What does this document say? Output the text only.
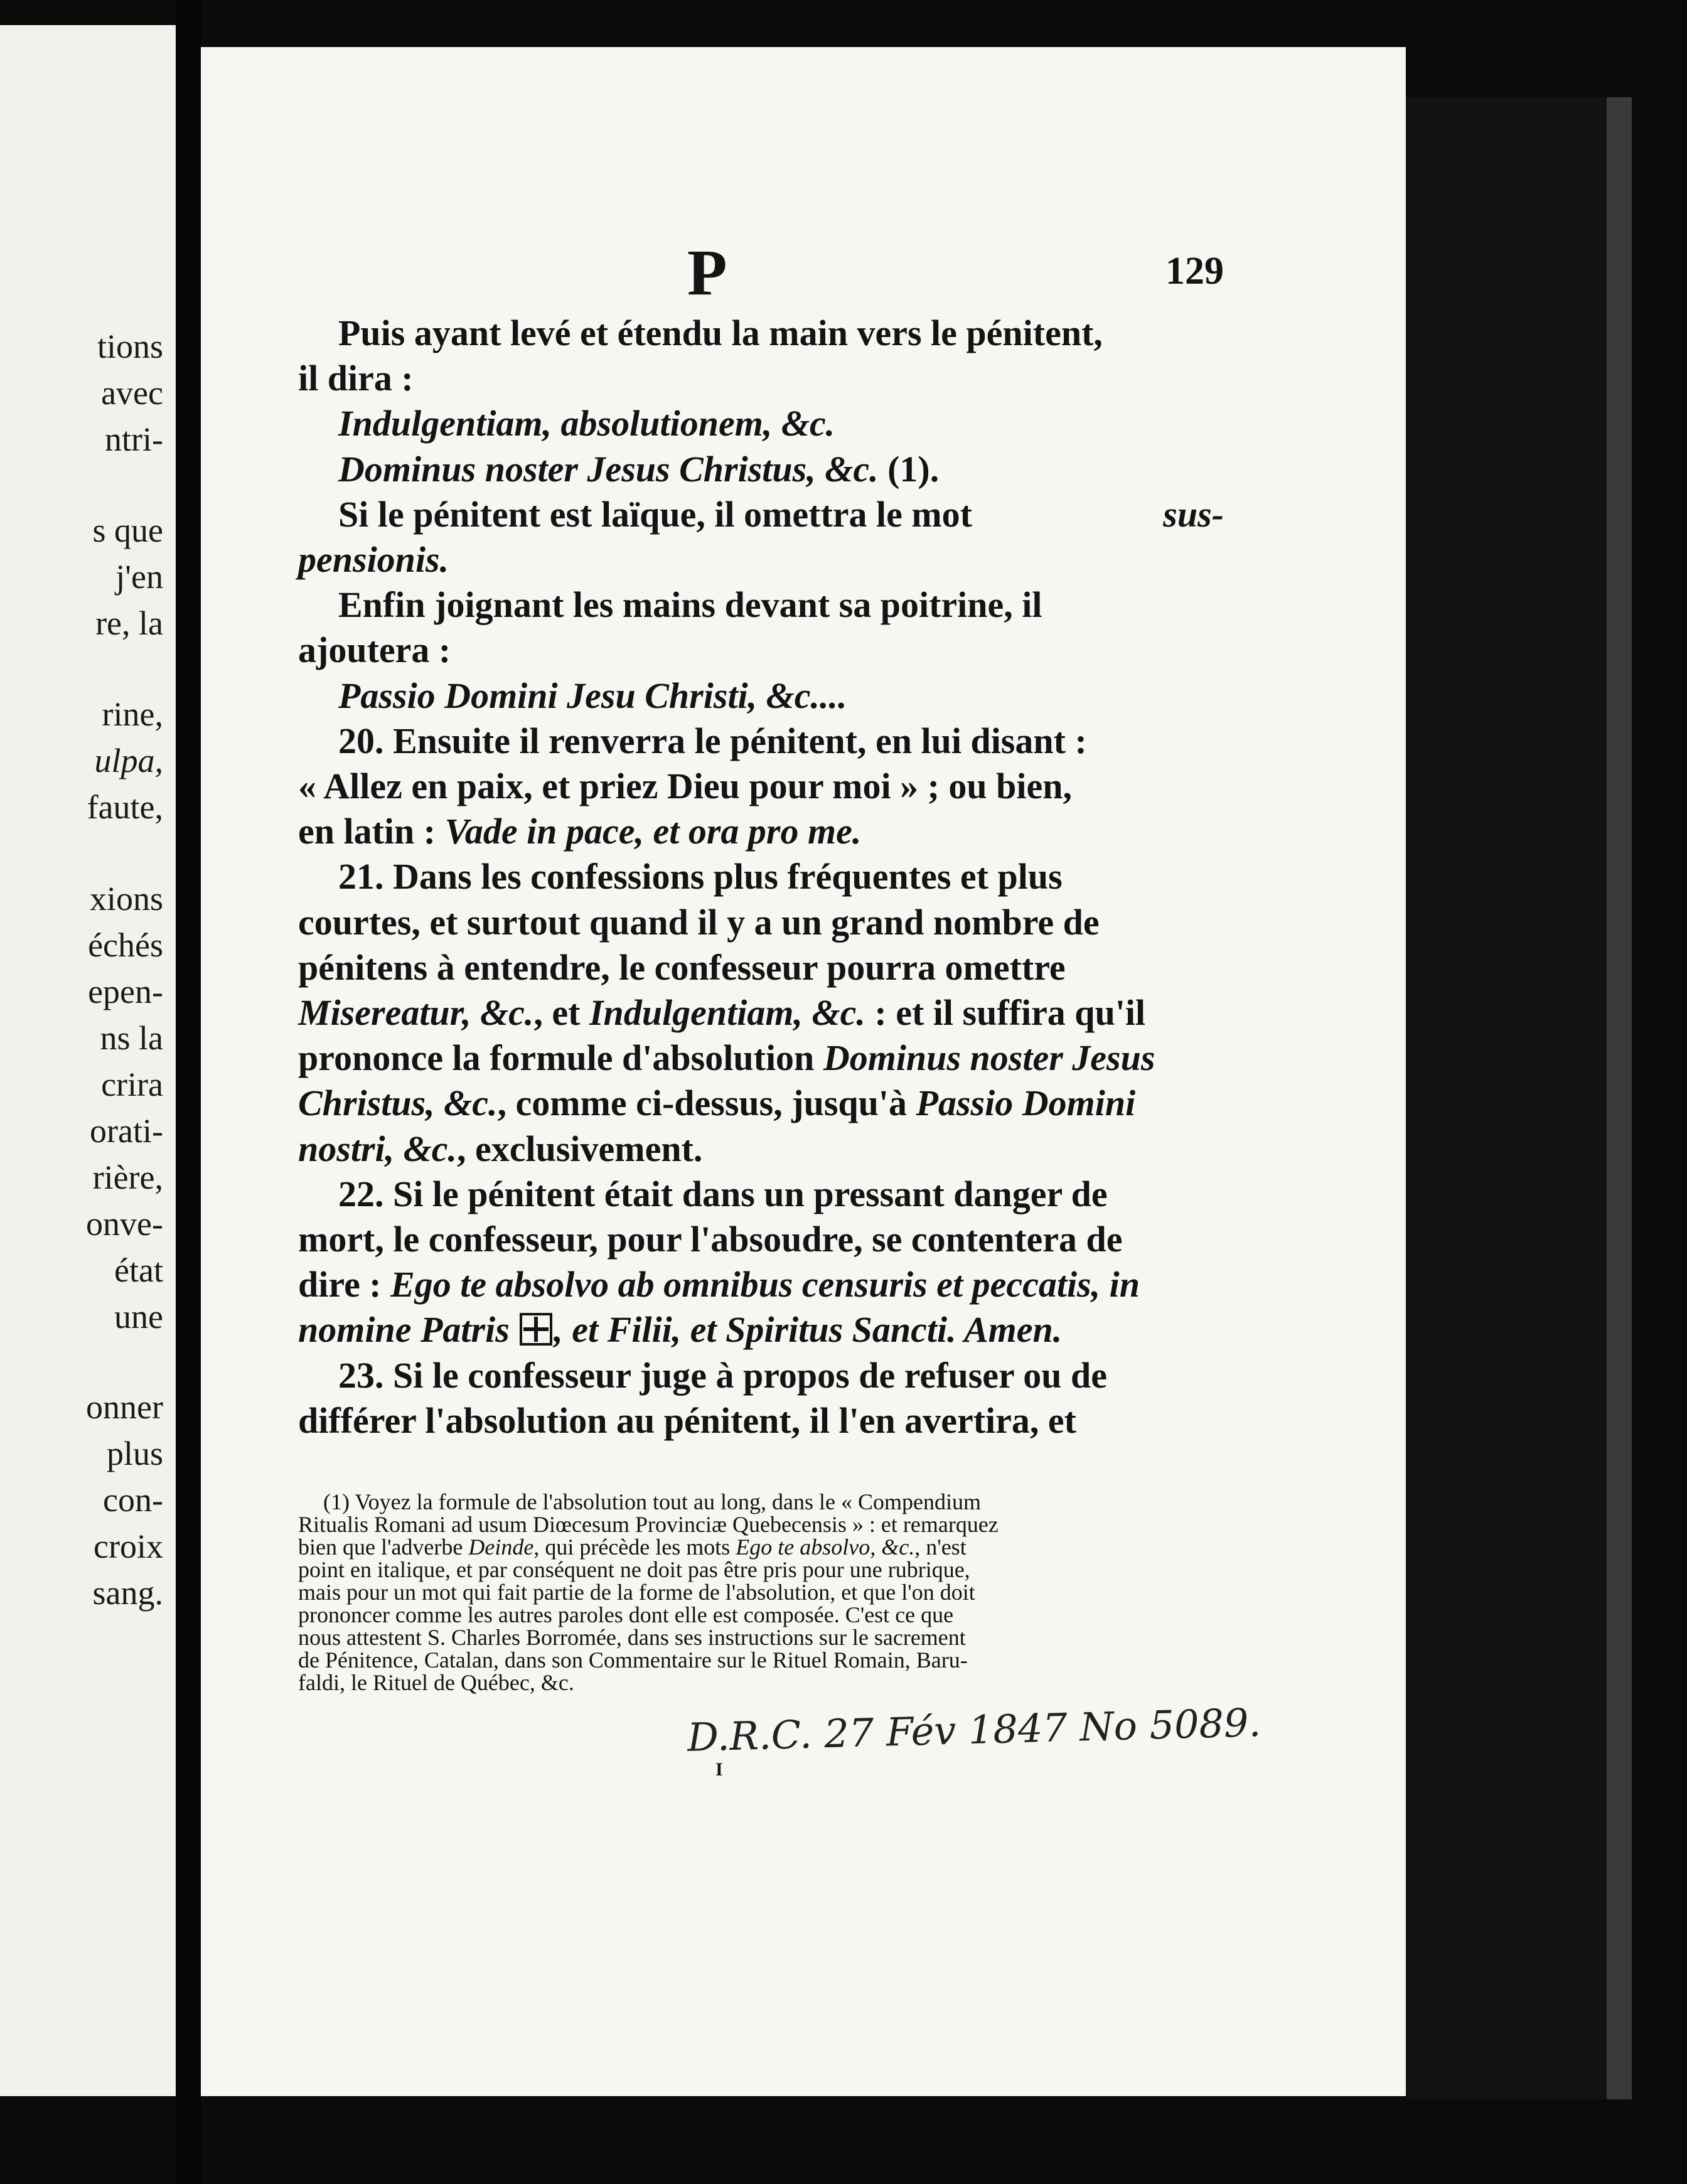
tions
avec
ntri-
s que
j'en
re, la
rine,
ulpa,
faute,
xions
échés
epen-
ns la
crira
orati-
rière,
onve-
état
une
onner
plus
con-
croix
sang.
P	129
Puis ayant levé et étendu la main vers le pénitent,
il dira :
Indulgentiam, absolutionem, &c.
Dominus noster Jesus Christus, &c. (1).
Si le pénitent est laïque, il omettra le mot	sus-
pensionis.
Enfin joignant les mains devant sa poitrine, il
ajoutera :
Passio Domini Jesu Christi, &c....
20. Ensuite il renverra le pénitent, en lui disant :
« Allez en paix, et priez Dieu pour moi » ; ou bien,
en latin : Vade in pace, et ora pro me.
21. Dans les confessions plus fréquentes et plus
courtes, et surtout quand il y a un grand nombre de
pénitens à entendre, le confesseur pourra omettre
Misereatur, &c., et Indulgentiam, &c. : et il suffira qu'il
prononce la formule d'absolution Dominus noster Jesus
Christus, &c., comme ci-dessus, jusqu'à Passio Domini
nostri, &c., exclusivement.
22. Si le pénitent était dans un pressant danger de
mort, le confesseur, pour l'absoudre, se contentera de
dire : Ego te absolvo ab omnibus censuris et peccatis, in
nomine Patris , et Filii, et Spiritus Sancti. Amen.
23. Si le confesseur juge à propos de refuser ou de
différer l'absolution au pénitent, il l'en avertira, et
(1) Voyez la formule de l'absolution tout au long, dans le « Compendium
Ritualis Romani ad usum Diœcesum Provinciæ Quebecensis » : et remarquez
bien que l'adverbe Deinde, qui précède les mots Ego te absolvo, &c., n'est
point en italique, et par conséquent ne doit pas être pris pour une rubrique,
mais pour un mot qui fait partie de la forme de l'absolution, et que l'on doit
prononcer comme les autres paroles dont elle est composée. C'est ce que
nous attestent S. Charles Borromée, dans ses instructions sur le sacrement
de Pénitence, Catalan, dans son Commentaire sur le Rituel Romain, Baru-
faldi, le Rituel de Québec, &c.
D.R.C. 27 Fév 1847 No 5089.
I
